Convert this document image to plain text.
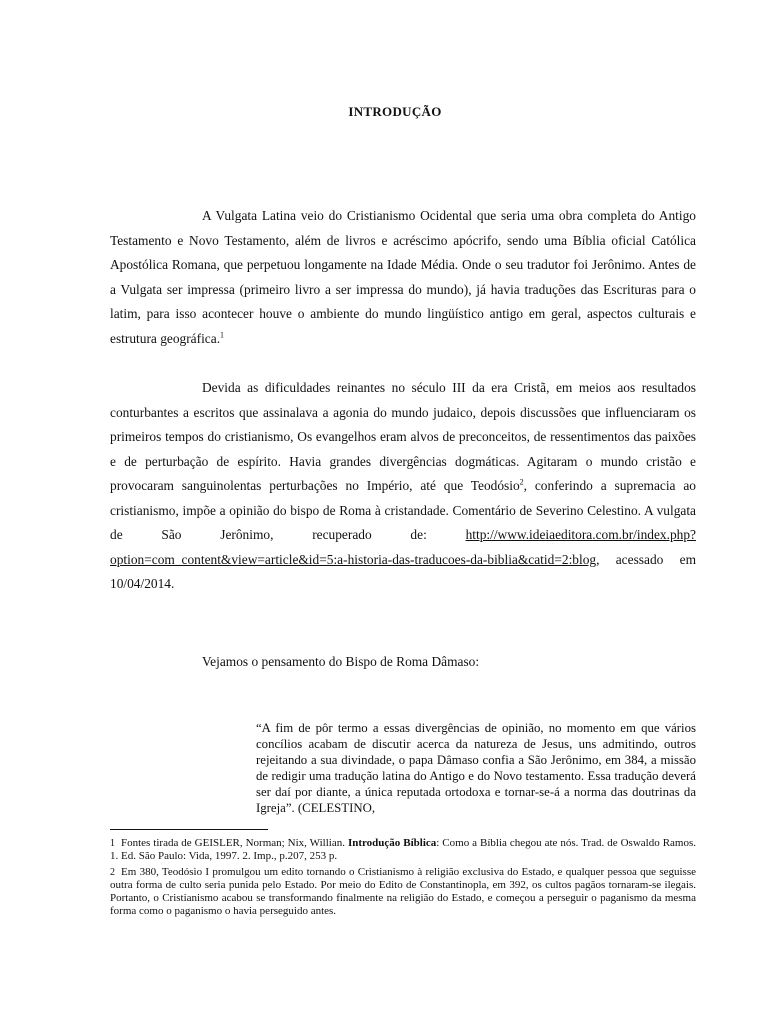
INTRODUÇÃO

A Vulgata Latina veio do Cristianismo Ocidental que seria uma obra completa do Antigo Testamento e Novo Testamento, além de livros e acréscimo apócrifo, sendo uma Bíblia oficial Católica Apostólica Romana, que perpetuou longamente na Idade Média. Onde o seu tradutor foi Jerônimo. Antes de a Vulgata ser impressa (primeiro livro a ser impressa do mundo), já havia traduções das Escrituras para o latim, para isso acontecer houve o ambiente do mundo lingüístico antigo em geral, aspectos culturais e estrutura geográfica.$^1$

Devida as dificuldades reinantes no século III da era Cristã, em meios aos resultados conturbantes a escritos que assinalava a agonia do mundo judaico, depois discussões que influenciaram os primeiros tempos do cristianismo, Os evangelhos eram alvos de preconceitos, de ressentimentos das paixões e de perturbação de espírito. Havia grandes divergências dogmáticas. Agitaram o mundo cristão e provocaram sanguinolentas perturbações no Império, até que Teodósio$^2$, conferindo a supremacia ao cristianismo, impõe a opinião do bispo de Roma à cristandade. Comentário de Severino Celestino. A vulgata de São Jerônimo, recuperado de: http://www.ideiaeditora.com.br/index.php?option=com_content&view=article&id=5:a-historia-das-traducoes-da-biblia&catid=2:blog, acessado em 10/04/2014.

Vejamos o pensamento do Bispo de Roma Dâmaso:

“A fim de pôr termo a essas divergências de opinião, no momento em que vários concílios acabam de discutir acerca da natureza de Jesus, uns admitindo, outros rejeitando a sua divindade, o papa Dâmaso confia a São Jerônimo, em 384, a missão de redigir uma tradução latina do Antigo e do Novo testamento. Essa tradução deverá ser daí por diante, a única reputada ortodoxa e tornar-se-á a norma das doutrinas da Igreja”. (CELESTINO,

1 Fontes tirada de GEISLER, Norman; Nix, Willian. Introdução Bíblica: Como a Bíblia chegou ate nós. Trad. de Oswaldo Ramos. 1. Ed. São Paulo: Vida, 1997. 2. Imp., p.207, 253 p.

2 Em 380, Teodósio I promulgou um edito tornando o Cristianismo à religião exclusiva do Estado, e qualquer pessoa que seguisse outra forma de culto seria punida pelo Estado. Por meio do Edito de Constantinopla, em 392, os cultos pagãos tornaram-se ilegais. Portanto, o Cristianismo acabou se transformando finalmente na religião do Estado, e começou a perseguir o paganismo da mesma forma como o paganismo o havia perseguido antes.
